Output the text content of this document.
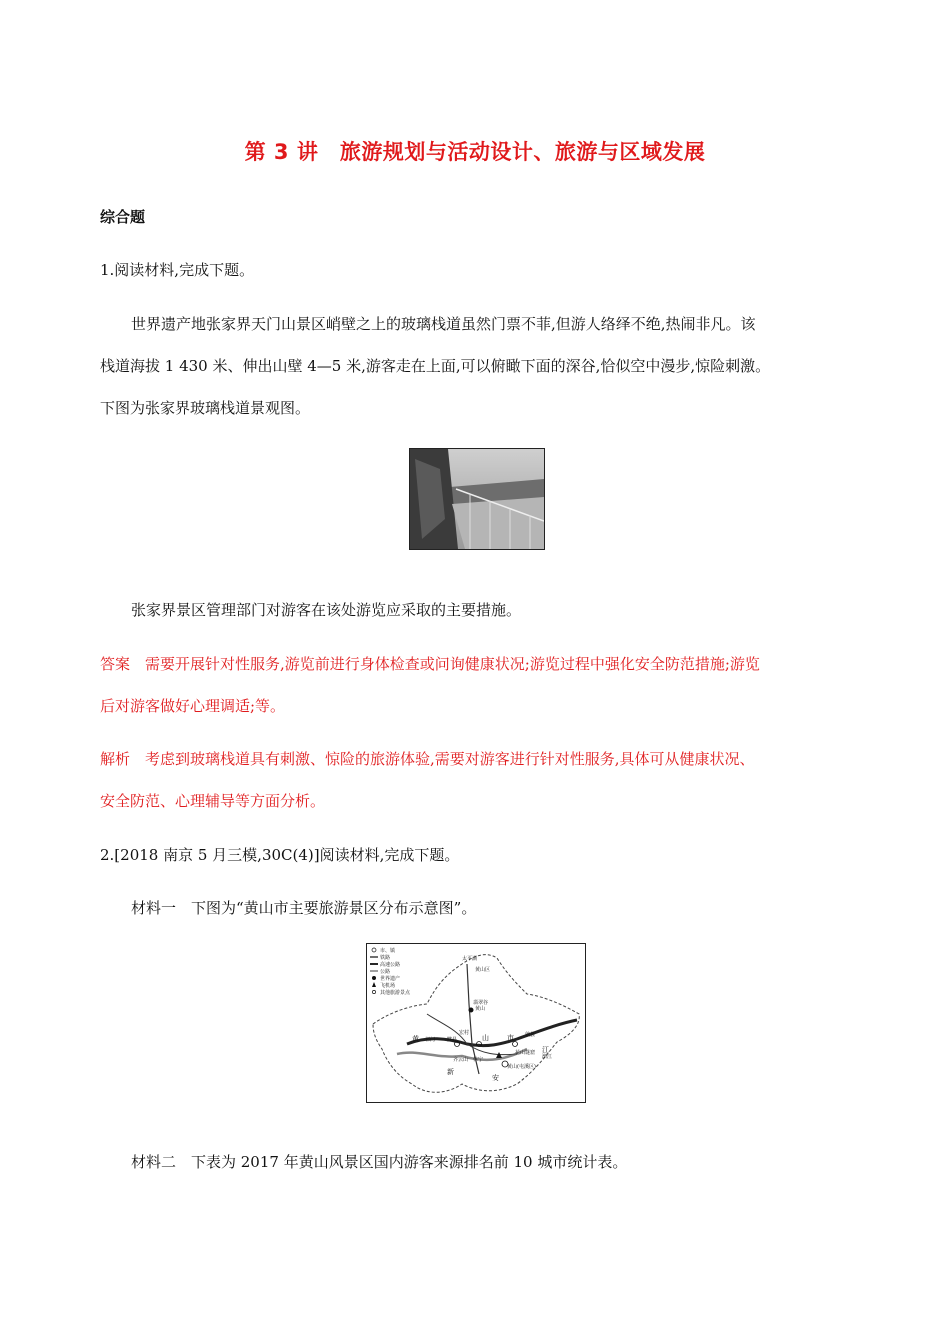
第 3 讲　旅游规划与活动设计、旅游与区域发展
综合题
1.阅读材料,完成下题。
世界遗产地张家界天门山景区峭壁之上的玻璃栈道虽然门票不菲,但游人络绎不绝,热闹非凡。该
栈道海拔 1 430 米、伸出山壁 4—5 米,游客走在上面,可以俯瞰下面的深谷,恰似空中漫步,惊险刺激。
下图为张家界玻璃栈道景观图。
张家界景区管理部门对游客在该处游览应采取的主要措施。
答案　需要开展针对性服务,游览前进行身体检查或问询健康状况;游览过程中强化安全防范措施;游览
后对游客做好心理调适;等。
解析　考虑到玻璃栈道具有刺激、惊险的旅游体验,需要对游客进行针对性服务,具体可从健康状况、
安全防范、心理辅导等方面分析。
2.[2018 南京 5 月三模,30C(4)]阅读材料,完成下题。
材料一　下图为“黄山市主要旅游景区分布示意图”。
市、镇
铁路
高速公路
公路
世界遗产
飞机场
其他旅游景点
太平湖
黄山区
翡翠谷
黄山
黄 祁门 黟县	山	市 歙县
宏村
齐云山 休宁
新
安
江
花山谜窟
渐江
黄山(屯溪区)
材料二　下表为 2017 年黄山风景区国内游客来源排名前 10 城市统计表。
